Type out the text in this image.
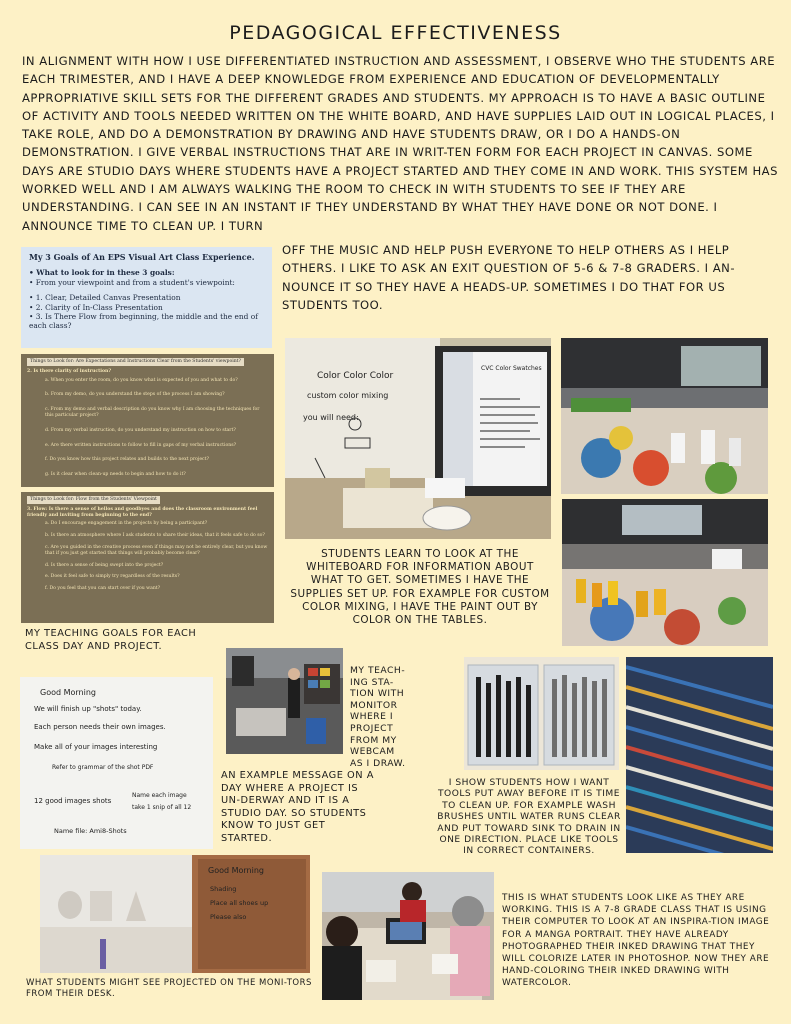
PEDAGOGICAL EFFECTIVENESS
IN ALIGNMENT WITH HOW I USE DIFFERENTIATED INSTRUCTION AND ASSESSMENT, I OBSERVE WHO THE STUDENTS ARE EACH TRIMESTER, AND I HAVE A DEEP KNOWLEDGE FROM EXPERIENCE AND EDUCATION OF DEVELOPMENTALLY APPROPRIATIVE SKILL SETS FOR THE DIFFERENT GRADES AND STUDENTS. MY APPROACH IS TO HAVE A BASIC OUTLINE OF ACTIVITY AND TOOLS NEEDED WRITTEN ON THE WHITE BOARD, AND HAVE SUPPLIES LAID OUT IN LOGICAL PLACES, I TAKE ROLE, AND DO A DEMONSTRATION BY DRAWING AND HAVE STUDENTS DRAW, OR I DO A HANDS-ON DEMONSTRATION. I GIVE VERBAL INSTRUCTIONS THAT ARE IN WRIT-TEN FORM FOR EACH PROJECT IN CANVAS. SOME DAYS ARE STUDIO DAYS WHERE STUDENTS HAVE A PROJECT STARTED AND THEY COME IN AND WORK. THIS SYSTEM HAS WORKED WELL AND I AM ALWAYS WALKING THE ROOM TO CHECK IN WITH STUDENTS TO SEE IF THEY ARE UNDERSTANDING. I CAN SEE IN AN INSTANT IF THEY UNDERSTAND BY WHAT THEY HAVE DONE OR NOT DONE. I ANNOUNCE TIME TO CLEAN UP. I TURN
OFF THE MUSIC AND HELP PUSH EVERYONE TO HELP OTHERS AS I HELP OTHERS. I LIKE TO ASK AN EXIT QUESTION OF 5-6 & 7-8 GRADERS. I AN-NOUNCE IT SO THEY HAVE A HEADS-UP. SOMETIMES I DO THAT FOR US STUDENTS TOO.
My 3 Goals of An EPS Visual Art Class Experience.
• What to look for in these 3 goals:
• From your viewpoint and from a student's viewpoint:
• 1. Clear, Detailed Canvas Presentation
• 2. Clarity of In-Class Presentation
• 3. Is There Flow from beginning, the middle and the end of each class?
Things to Look for: Are Expectations and Instructions Clear from the Students' viewpoint?
2. Is there clarity of instruction?
a. When you enter the room, do you know what is expected of you and what to do?
b. From my demo, do you understand the steps of the process I am showing?
c. From my demo and verbal description do you know why I am choosing the techniques for this particular project?
d. From my verbal instruction, do you understand my instruction on how to start?
e. Are there written instructions to follow to fill in gaps of my verbal instructions?
f. Do you know how this project relates and builds to the next project?
g. Is it clear when clean-up needs to begin and how to do it?
Things to Look for: Flow from the Students' Viewpoint
3. Flow: Is there a sense of hellos and goodbyes and does the classroom environment feel friendly and inviting from beginning to the end?
a. Do I encourage engagement in the projects by being a participant?
b. Is there an atmosphere where I ask students to share their ideas, that it feels safe to do so?
c. Are you guided in the creative process even if things may not be entirely clear, but you know that if you just get started that things will probably become clear?
d. Is there a sense of being swept into the project?
e. Does it feel safe to simply try regardless of the results?
f. Do you feel that you can start over if you want?
MY TEACHING GOALS FOR EACH CLASS DAY AND PROJECT.
CVC Color Swatches
Color Color Color
custom color mixing
you will need:
STUDENTS LEARN TO LOOK AT THE WHITEBOARD FOR INFORMATION ABOUT WHAT TO GET. SOMETIMES I HAVE THE SUPPLIES SET UP. FOR EXAMPLE FOR CUSTOM COLOR MIXING, I HAVE THE PAINT OUT BY COLOR ON THE TABLES.
MY TEACH-ING STA-TION WITH MONITOR WHERE I PROJECT FROM MY WEBCAM AS I DRAW.
Good Morning
We will finish up "shots" today.
Each person needs their own images.
Make all of your images interesting
Refer to grammar of the shot PDF
12 good images shots
Name each image
take 1 snip of all 12
Name file: Ami8-Shots
AN EXAMPLE MESSAGE ON A DAY WHERE A PROJECT IS UN-DERWAY AND IT IS A STUDIO DAY. SO STUDENTS KNOW TO JUST GET STARTED.
I SHOW STUDENTS HOW I WANT TOOLS PUT AWAY BEFORE IT IS TIME TO CLEAN UP. FOR EXAMPLE WASH BRUSHES UNTIL WATER RUNS CLEAR AND PUT TOWARD SINK TO DRAIN IN ONE DIRECTION. PLACE LIKE TOOLS IN CORRECT CONTAINERS.
Good Morning
Shading
Place all shoes up
Please also
WHAT STUDENTS MIGHT SEE PROJECTED ON THE MONI-TORS FROM THEIR DESK.
THIS IS WHAT STUDENTS LOOK LIKE AS THEY ARE WORKING. THIS IS A 7-8 GRADE CLASS THAT IS USING THEIR COMPUTER TO LOOK AT AN INSPIRA-TION IMAGE FOR A MANGA PORTRAIT. THEY HAVE ALREADY PHOTOGRAPHED THEIR INKED DRAWING THAT THEY WILL COLORIZE LATER IN PHOTOSHOP. NOW THEY ARE HAND-COLORING THEIR INKED DRAWING WITH WATERCOLOR.
